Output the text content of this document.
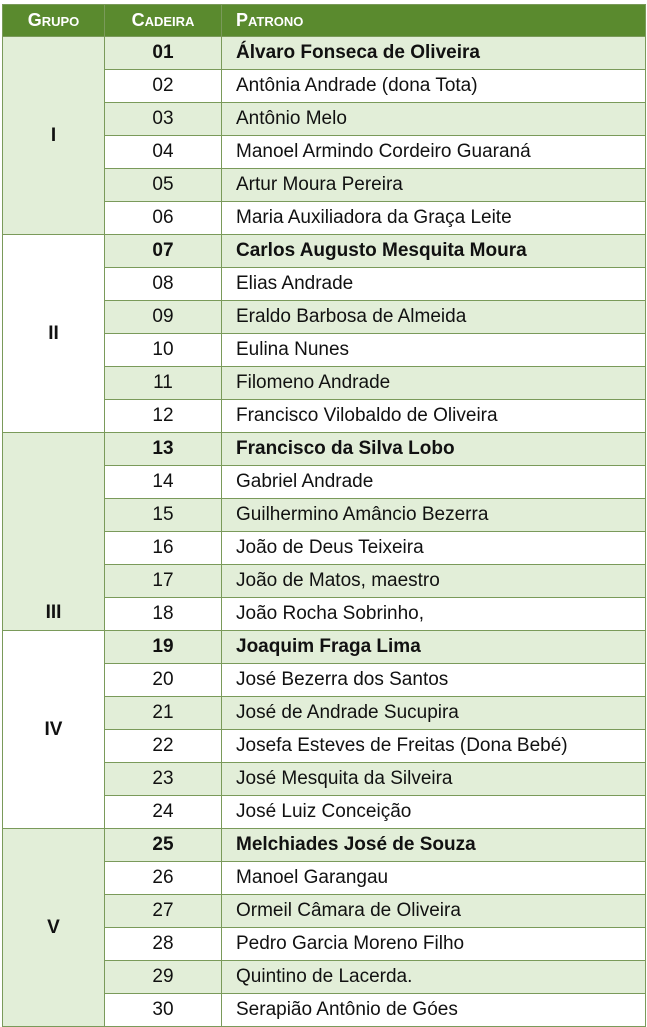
Grupo	Cadeira	Patrono
I	01	Álvaro Fonseca de Oliveira
	02	Antônia Andrade (dona Tota)
	03	Antônio Melo
	04	Manoel Armindo Cordeiro Guaraná
	05	Artur Moura Pereira
	06	Maria Auxiliadora da Graça Leite
II	07	Carlos Augusto Mesquita Moura
	08	Elias Andrade
	09	Eraldo Barbosa de Almeida
	10	Eulina Nunes
	11	Filomeno Andrade
	12	Francisco Vilobaldo de Oliveira
III	13	Francisco da Silva Lobo
	14	Gabriel Andrade
	15	Guilhermino Amâncio Bezerra
	16	João de Deus Teixeira
	17	João de Matos, maestro
	18	João Rocha Sobrinho,
IV	19	Joaquim Fraga Lima
	20	José Bezerra dos Santos
	21	José de Andrade Sucupira
	22	Josefa Esteves de Freitas (Dona Bebé)
	23	José Mesquita da Silveira
	24	José Luiz Conceição
V	25	Melchiades José de Souza
	26	Manoel Garangau
	27	Ormeil Câmara de Oliveira
	28	Pedro Garcia Moreno Filho
	29	Quintino de Lacerda.
	30	Serapião Antônio de Góes
